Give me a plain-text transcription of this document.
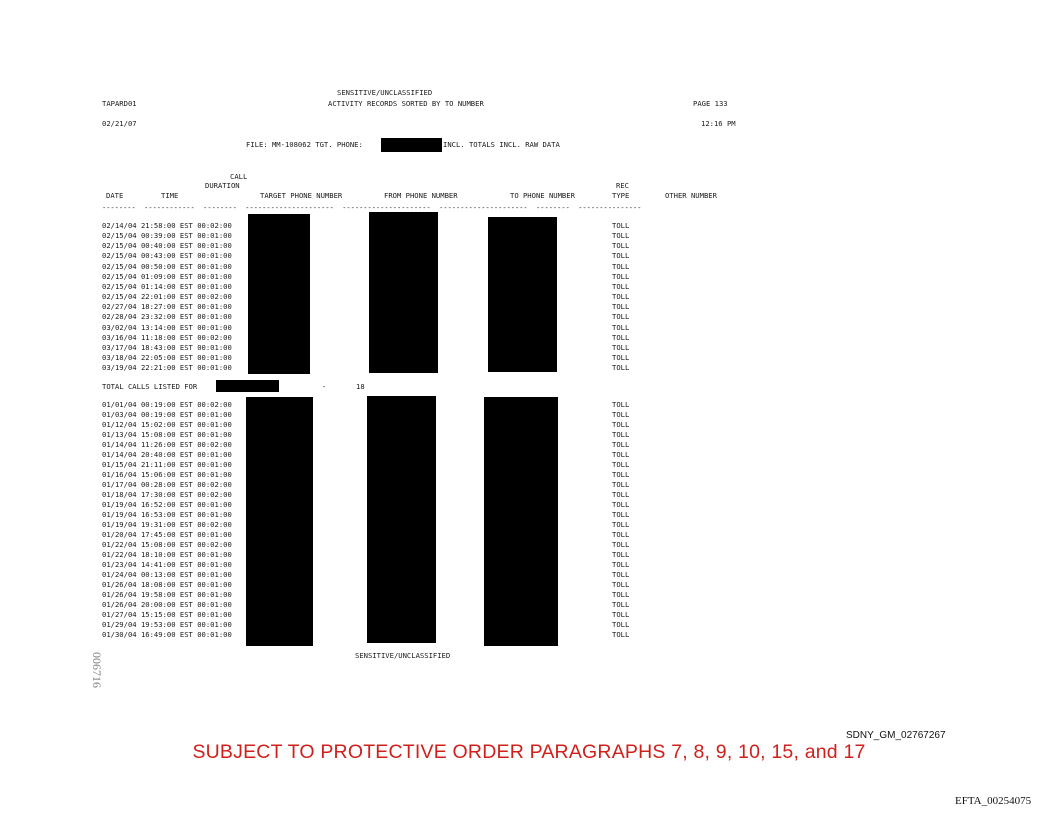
SENSITIVE/UNCLASSIFIED
TAPARD01	ACTIVITY RECORDS SORTED BY TO NUMBER	PAGE 133
02/21/07	12:16 PM
FILE: MM-108062 TGT. PHONE:	INCL. TOTALS INCL. RAW DATA
CALL
DURATION	REC
DATE	TIME	TARGET PHONE NUMBER	FROM PHONE NUMBER	TO PHONE NUMBER	TYPE	OTHER NUMBER
--------  ------------  --------  ---------------------  ---------------------  ---------------------  --------  ---------------
02/14/04 21:58:00 EST 00:02:00	TOLL
02/15/04 00:39:00 EST 00:01:00	TOLL
02/15/04 00:40:00 EST 00:01:00	TOLL
02/15/04 00:43:00 EST 00:01:00	TOLL
02/15/04 00:50:00 EST 00:01:00	TOLL
02/15/04 01:09:00 EST 00:01:00	TOLL
02/15/04 01:14:00 EST 00:01:00	TOLL
02/15/04 22:01:00 EST 00:02:00	TOLL
02/27/04 18:27:00 EST 00:01:00	TOLL
02/28/04 23:32:00 EST 00:01:00	TOLL
03/02/04 13:14:00 EST 00:01:00	TOLL
03/16/04 11:18:00 EST 00:02:00	TOLL
03/17/04 18:43:00 EST 00:01:00	TOLL
03/18/04 22:05:00 EST 00:01:00	TOLL
03/19/04 22:21:00 EST 00:01:00	TOLL
TOTAL CALLS LISTED FOR	-	18
01/01/04 00:19:00 EST 00:02:00	TOLL
01/03/04 00:19:00 EST 00:01:00	TOLL
01/12/04 15:02:00 EST 00:01:00	TOLL
01/13/04 15:08:00 EST 00:01:00	TOLL
01/14/04 11:26:00 EST 00:02:00	TOLL
01/14/04 20:40:00 EST 00:01:00	TOLL
01/15/04 21:11:00 EST 00:01:00	TOLL
01/16/04 15:06:00 EST 00:01:00	TOLL
01/17/04 00:28:00 EST 00:02:00	TOLL
01/18/04 17:30:00 EST 00:02:00	TOLL
01/19/04 16:52:00 EST 00:01:00	TOLL
01/19/04 16:53:00 EST 00:01:00	TOLL
01/19/04 19:31:00 EST 00:02:00	TOLL
01/20/04 17:45:00 EST 00:01:00	TOLL
01/22/04 15:08:00 EST 00:02:00	TOLL
01/22/04 18:10:00 EST 00:01:00	TOLL
01/23/04 14:41:00 EST 00:01:00	TOLL
01/24/04 00:13:00 EST 00:01:00	TOLL
01/26/04 18:08:00 EST 00:01:00	TOLL
01/26/04 19:58:00 EST 00:01:00	TOLL
01/26/04 20:00:00 EST 00:01:00	TOLL
01/27/04 15:15:00 EST 00:01:00	TOLL
01/29/04 19:53:00 EST 00:01:00	TOLL
01/30/04 16:49:00 EST 00:01:00	TOLL
SENSITIVE/UNCLASSIFIED
006716
SDNY_GM_02767267
SUBJECT TO PROTECTIVE ORDER PARAGRAPHS 7, 8, 9, 10, 15, and 17
EFTA_00254075
